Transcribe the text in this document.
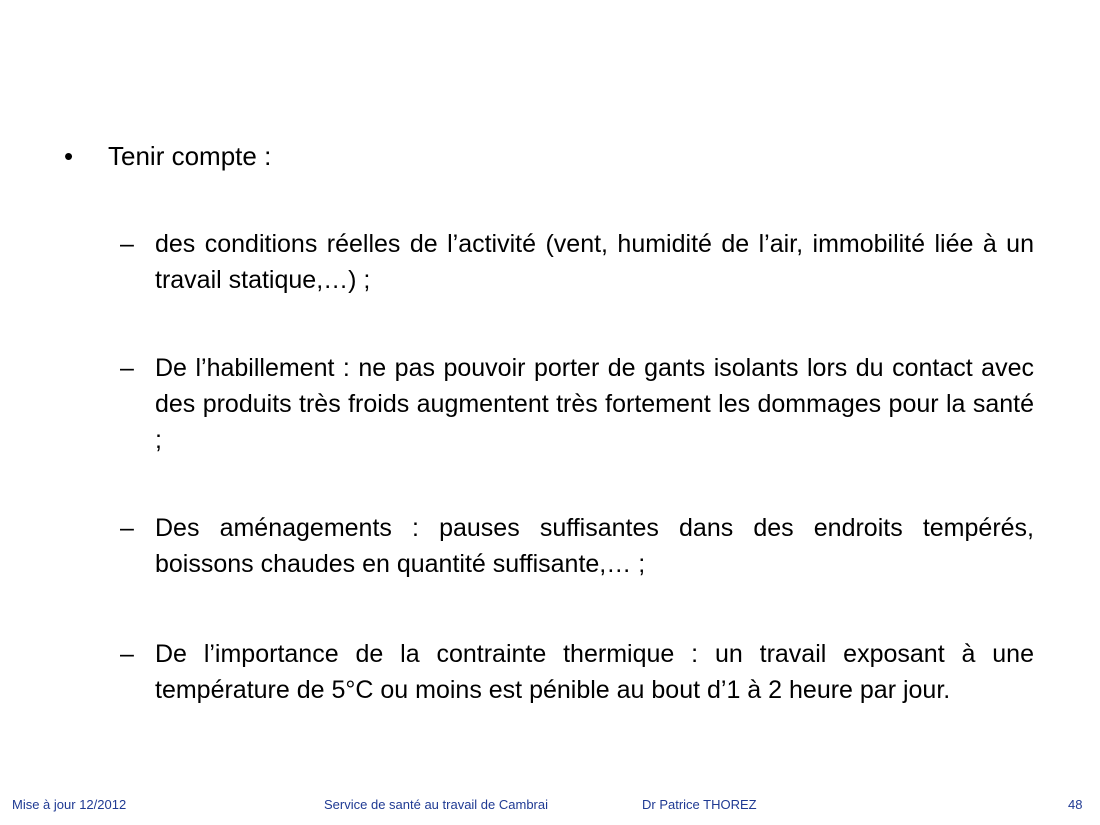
•	Tenir compte :
– des conditions réelles de l’activité (vent, humidité de l’air, immobilité liée à un travail statique,…) ;
– De l’habillement : ne pas pouvoir porter de gants isolants lors du contact avec des produits très froids augmentent très fortement les dommages pour la santé ;
– Des aménagements : pauses suffisantes dans des endroits tempérés, boissons chaudes en quantité suffisante,… ;
– De l’importance de la contrainte thermique : un travail exposant à une température de 5°C ou moins est pénible au bout d’1 à 2 heure par jour.
Mise à jour 12/2012	Service de santé au travail de Cambrai	Dr Patrice THOREZ	48
